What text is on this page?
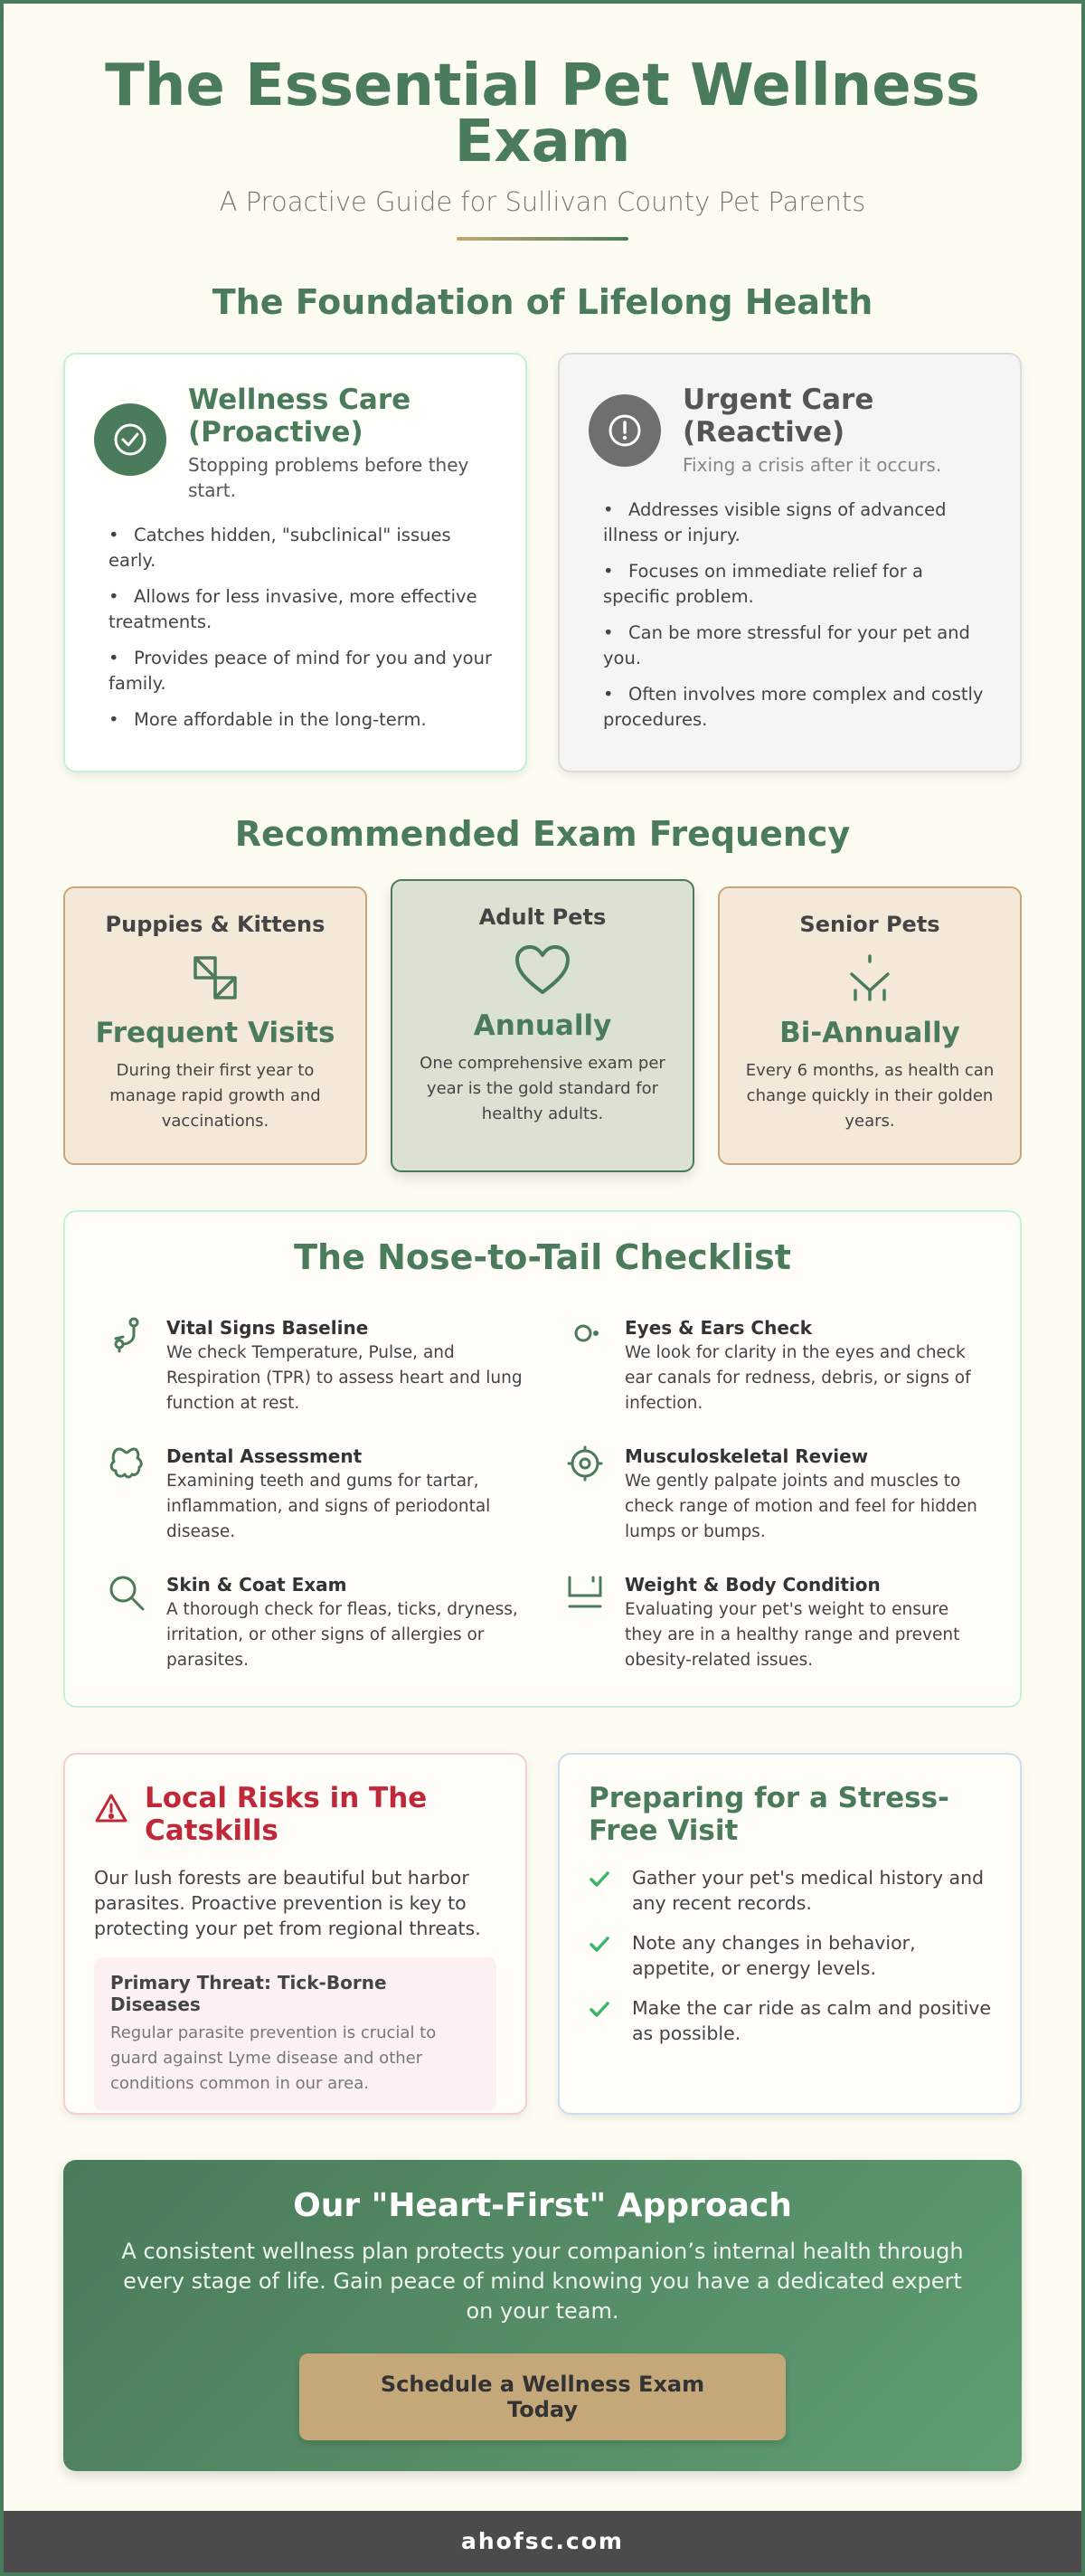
The Essential Pet Wellness Exam
A Proactive Guide for Sullivan County Pet Parents
The Foundation of Lifelong Health
Wellness Care (Proactive)
Stopping problems before they start.
• Catches hidden, "subclinical" issues early.
• Allows for less invasive, more effective treatments.
• Provides peace of mind for you and your family.
• More affordable in the long-term.
Urgent Care (Reactive)
Fixing a crisis after it occurs.
• Addresses visible signs of advanced illness or injury.
• Focuses on immediate relief for a specific problem.
• Can be more stressful for your pet and you.
• Often involves more complex and costly procedures.
Recommended Exam Frequency
Puppies & Kittens
Frequent Visits
During their first year to manage rapid growth and vaccinations.
Adult Pets
Annually
One comprehensive exam per year is the gold standard for healthy adults.
Senior Pets
Bi-Annually
Every 6 months, as health can change quickly in their golden years.
The Nose-to-Tail Checklist
Vital Signs Baseline
We check Temperature, Pulse, and Respiration (TPR) to assess heart and lung function at rest.
Eyes & Ears Check
We look for clarity in the eyes and check ear canals for redness, debris, or signs of infection.
Dental Assessment
Examining teeth and gums for tartar, inflammation, and signs of periodontal disease.
Musculoskeletal Review
We gently palpate joints and muscles to check range of motion and feel for hidden lumps or bumps.
Skin & Coat Exam
A thorough check for fleas, ticks, dryness, irritation, or other signs of allergies or parasites.
Weight & Body Condition
Evaluating your pet's weight to ensure they are in a healthy range and prevent obesity-related issues.
Local Risks in The Catskills
Our lush forests are beautiful but harbor parasites. Proactive prevention is key to protecting your pet from regional threats.
Primary Threat: Tick-Borne Diseases
Regular parasite prevention is crucial to guard against Lyme disease and other conditions common in our area.
Preparing for a Stress-Free Visit
Gather your pet's medical history and any recent records.
Note any changes in behavior, appetite, or energy levels.
Make the car ride as calm and positive as possible.
Our "Heart-First" Approach
A consistent wellness plan protects your companion’s internal health through every stage of life. Gain peace of mind knowing you have a dedicated expert on your team.
Schedule a Wellness Exam Today
ahofsc.com
